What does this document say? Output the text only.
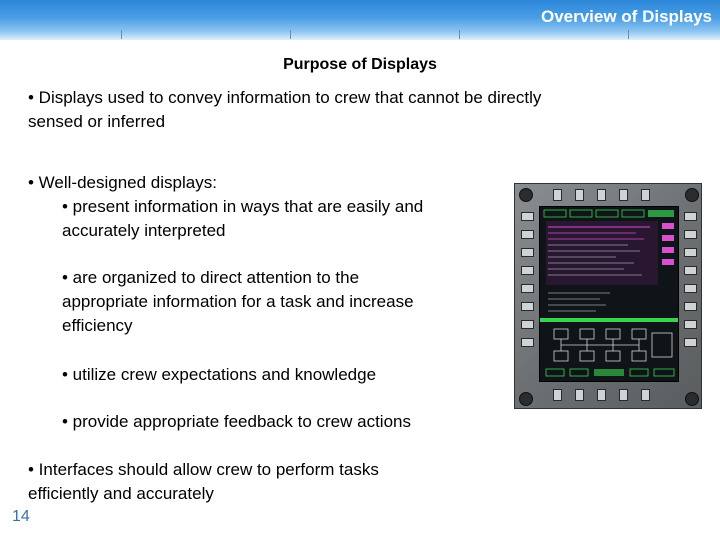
Overview of Displays
Purpose of Displays
• Displays used to convey information to crew that cannot be directly
sensed or inferred
• Well-designed displays:
• present information in ways that are easily and
accurately interpreted
• are organized to direct attention to the
appropriate information for a task and increase
efficiency
• utilize crew expectations and knowledge
• provide appropriate feedback to crew actions
• Interfaces should allow crew to perform tasks
efficiently and accurately
14
